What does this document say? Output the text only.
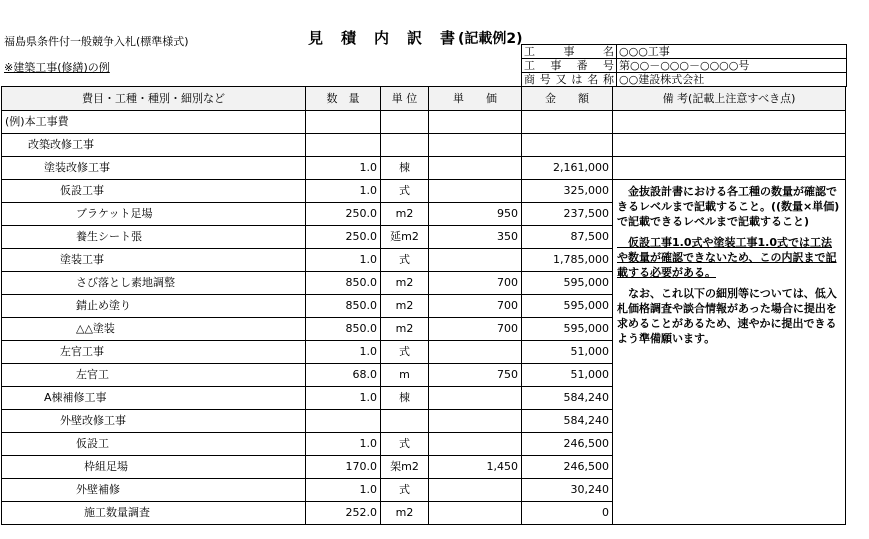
福島県条件付一般競争入札(標準様式)
※建築工事(修繕)の例
見積内訳書
(記載例2)
工事名	○○○工事
工事番号	第○○－○○○－○○○○号
商号又は名称	○○建設株式会社
費目・工種・種別・細別など	数　量	単 位	単　　価	金　　額	備 考(記載上注意すべき点)
(例)本工事費					
改築改修工事					
塗装改修工事	1.0	棟		2,161,000	
仮設工事	1.0	式		325,000	　金抜設計書における各工種の数量が確認できるレベルまで記載すること。((数量×単価)で記載できるレベルまで記載すること)

　仮設工事1.0式や塗装工事1.0式では工法や数量が確認できないため、この内訳まで記載する必要がある。

　なお、これ以下の細別等については、低入札価格調査や談合情報があった場合に提出を求めることがあるため、速やかに提出できるよう準備願います。

ブラケット足場	250.0	m2	950	237,500	
養生シート張	250.0	延m2	350	87,500	
塗装工事	1.0	式		1,785,000	
さび落とし素地調整	850.0	m2	700	595,000	
錆止め塗り	850.0	m2	700	595,000	
△△塗装	850.0	m2	700	595,000	
左官工事	1.0	式		51,000	
左官工	68.0	m	750	51,000	
A棟補修工事	1.0	棟		584,240	
外壁改修工事				584,240	
仮設工	1.0	式		246,500	
枠組足場	170.0	架m2	1,450	246,500	
外壁補修	1.0	式		30,240	
施工数量調査	252.0	m2		0	
